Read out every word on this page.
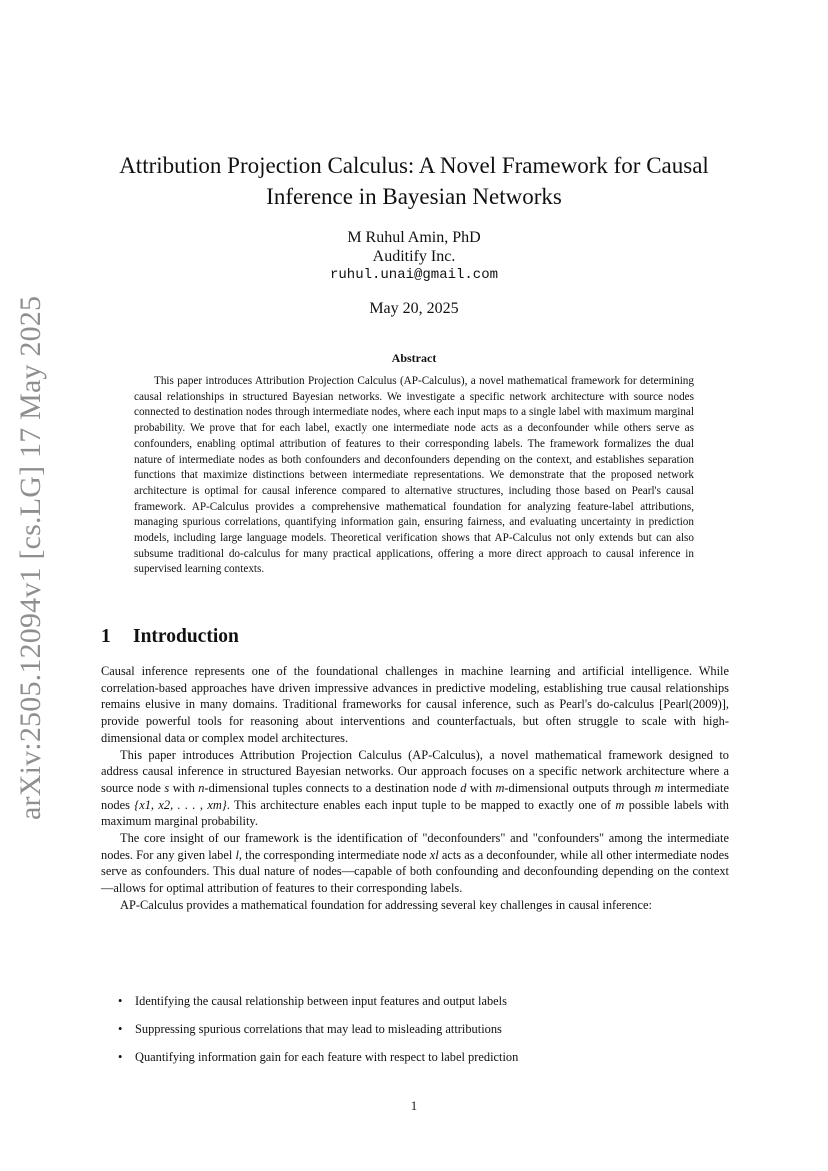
arXiv:2505.12094v1 [cs.LG] 17 May 2025
Attribution Projection Calculus: A Novel Framework for Causal Inference in Bayesian Networks
M Ruhul Amin, PhD
Auditify Inc.
ruhul.unai@gmail.com
May 20, 2025
Abstract

This paper introduces Attribution Projection Calculus (AP-Calculus), a novel mathematical framework for determining causal relationships in structured Bayesian networks. We investigate a specific network architecture with source nodes connected to destination nodes through intermediate nodes, where each input maps to a single label with maximum marginal probability. We prove that for each label, exactly one intermediate node acts as a deconfounder while others serve as confounders, enabling optimal attribution of features to their corresponding labels. The framework formalizes the dual nature of intermediate nodes as both confounders and deconfounders depending on the context, and establishes separation functions that maximize distinctions between intermediate representations. We demonstrate that the proposed network architecture is optimal for causal inference compared to alternative structures, including those based on Pearl's causal framework. AP-Calculus provides a comprehensive mathematical foundation for analyzing feature-label attributions, managing spurious correlations, quantifying information gain, ensuring fairness, and evaluating uncertainty in prediction models, including large language models. Theoretical verification shows that AP-Calculus not only extends but can also subsume traditional do-calculus for many practical applications, offering a more direct approach to causal inference in supervised learning contexts.

1 Introduction

Causal inference represents one of the foundational challenges in machine learning and artificial intelligence. While correlation-based approaches have driven impressive advances in predictive modeling, establishing true causal relationships remains elusive in many domains. Traditional frameworks for causal inference, such as Pearl's do-calculus [Pearl(2009)], provide powerful tools for reasoning about interventions and counterfactuals, but often struggle to scale with high-dimensional data or complex model architectures.

This paper introduces Attribution Projection Calculus (AP-Calculus), a novel mathematical framework designed to address causal inference in structured Bayesian networks. Our approach focuses on a specific network architecture where a source node s with n-dimensional tuples connects to a destination node d with m-dimensional outputs through m intermediate nodes {x1, x2, . . . , xm}. This architecture enables each input tuple to be mapped to exactly one of m possible labels with maximum marginal probability.

The core insight of our framework is the identification of "deconfounders" and "confounders" among the intermediate nodes. For any given label l, the corresponding intermediate node xl acts as a deconfounder, while all other intermediate nodes serve as confounders. This dual nature of nodes—capable of both confounding and deconfounding depending on the context—allows for optimal attribution of features to their corresponding labels.

AP-Calculus provides a mathematical foundation for addressing several key challenges in causal inference:

•	Identifying the causal relationship between input features and output labels
•	Suppressing spurious correlations that may lead to misleading attributions
•	Quantifying information gain for each feature with respect to label prediction
1
